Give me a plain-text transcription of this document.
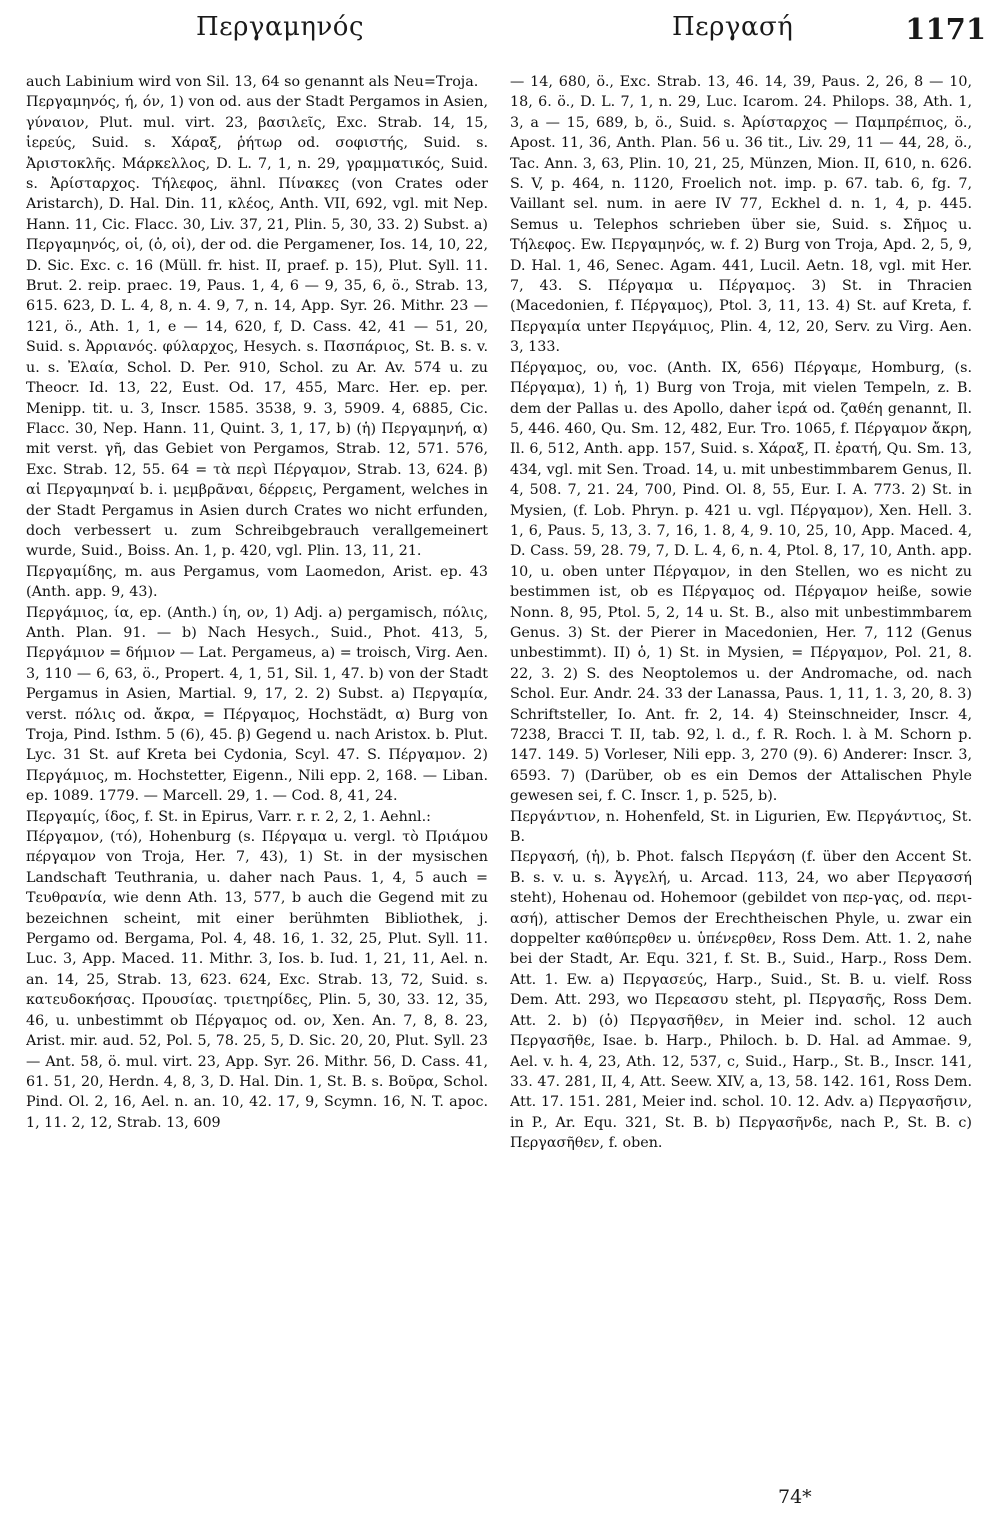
Περγαμηνός	Περγασή	1171

auch Labinium wird von Sil. 13, 64 so genannt als Neu=Troja.

Περγαμηνός, ή, όν, 1) von od. aus der Stadt Pergamos in Asien, γύναιον, Plut. mul. virt. 23, βασιλεῖς, Exc. Strab. 14, 15, ἱερεύς, Suid. s. Χάραξ, ῥήτωρ od. σοφιστής, Suid. s. Ἀριστοκλῆς. Μάρκελλος, D. L. 7, 1, n. 29, γραμματικός, Suid. s. Ἀρίσταρχος. Τήλεφος, ähnl. Πίνακες (von Crates oder Aristarch), D. Hal. Din. 11, κλέος, Anth. VII, 692, vgl. mit Nep. Hann. 11, Cic. Flacc. 30, Liv. 37, 21, Plin. 5, 30, 33. 2) Subst. a) Περγαμηνός, οἱ, (ὁ, οἱ), der od. die Pergamener, Ios. 14, 10, 22, D. Sic. Exc. c. 16 (Müll. fr. hist. II, praef. p. 15), Plut. Syll. 11. Brut. 2. reip. praec. 19, Paus. 1, 4, 6 — 9, 35, 6, ö., Strab. 13, 615. 623, D. L. 4, 8, n. 4. 9, 7, n. 14, App. Syr. 26. Mithr. 23 — 121, ö., Ath. 1, 1, e — 14, 620, f, D. Cass. 42, 41 — 51, 20, Suid. s. Ἀρριανός. φύλαρχος, Hesych. s. Πασπάριος, St. B. s. v. u. s. Ἐλαία, Schol. D. Per. 910, Schol. zu Ar. Av. 574 u. zu Theocr. Id. 13, 22, Eust. Od. 17, 455, Marc. Her. ep. per. Menipp. tit. u. 3, Inscr. 1585. 3538, 9. 3, 5909. 4, 6885, Cic. Flacc. 30, Nep. Hann. 11, Quint. 3, 1, 17, b) (ἡ) Περγαμηνή, α) mit verst. γῆ, das Gebiet von Pergamos, Strab. 12, 571. 576, Exc. Strab. 12, 55. 64 = τὰ περὶ Πέργαμον, Strab. 13, 624. β) αἱ Περγαμηναί b. i. μεμβρᾶναι, δέρρεις, Pergament, welches in der Stadt Pergamus in Asien durch Crates wo nicht erfunden, doch verbessert u. zum Schreibgebrauch verallgemeinert wurde, Suid., Boiss. An. 1, p. 420, vgl. Plin. 13, 11, 21.

Περγαμίδης, m. aus Pergamus, vom Laomedon, Arist. ep. 43 (Anth. app. 9, 43).

Περγάμιος, ία, ep. (Anth.) ίη, ον, 1) Adj. a) pergamisch, πόλις, Anth. Plan. 91. — b) Nach Hesych., Suid., Phot. 413, 5, Περγάμιον = δήμιον — Lat. Pergameus, a) = troisch, Virg. Aen. 3, 110 — 6, 63, ö., Propert. 4, 1, 51, Sil. 1, 47. b) von der Stadt Pergamus in Asien, Martial. 9, 17, 2. 2) Subst. a) Περγαμία, verst. πόλις od. ἄκρα, = Πέργαμος, Hochstädt, α) Burg von Troja, Pind. Isthm. 5 (6), 45. β) Gegend u. nach Aristox. b. Plut. Lyc. 31 St. auf Kreta bei Cydonia, Scyl. 47. S. Πέργαμον. 2) Περγάμιος, m. Hochstetter, Eigenn., Nili epp. 2, 168. — Liban. ep. 1089. 1779. — Marcell. 29, 1. — Cod. 8, 41, 24.

Περγαμίς, ίδος, f. St. in Epirus, Varr. r. r. 2, 2, 1. Aehnl.:

Πέργαμον, (τό), Hohenburg (s. Πέργαμα u. vergl. τὸ Πριάμου πέργαμον von Troja, Her. 7, 43), 1) St. in der mysischen Landschaft Teuthrania, u. daher nach Paus. 1, 4, 5 auch = Τευθρανία, wie denn Ath. 13, 577, b auch die Gegend mit zu bezeichnen scheint, mit einer berühmten Bibliothek, j. Pergamo od. Bergama, Pol. 4, 48. 16, 1. 32, 25, Plut. Syll. 11. Luc. 3, App. Maced. 11. Mithr. 3, Ios. b. Iud. 1, 21, 11, Ael. n. an. 14, 25, Strab. 13, 623. 624, Exc. Strab. 13, 72, Suid. s. κατευδοκήσας. Προυσίας. τριετηρίδες, Plin. 5, 30, 33. 12, 35, 46, u. unbestimmt ob Πέργαμος od. ον, Xen. An. 7, 8, 8. 23, Arist. mir. aud. 52, Pol. 5, 78. 25, 5, D. Sic. 20, 20, Plut. Syll. 23 — Ant. 58, ö. mul. virt. 23, App. Syr. 26. Mithr. 56, D. Cass. 41, 61. 51, 20, Herdn. 4, 8, 3, D. Hal. Din. 1, St. B. s. Βοῦρα, Schol. Pind. Ol. 2, 16, Ael. n. an. 10, 42. 17, 9, Scymn. 16, N. T. apoc. 1, 11. 2, 12, Strab. 13, 609

— 14, 680, ö., Exc. Strab. 13, 46. 14, 39, Paus. 2, 26, 8 — 10, 18, 6. ö., D. L. 7, 1, n. 29, Luc. Icarom. 24. Philops. 38, Ath. 1, 3, a — 15, 689, b, ö., Suid. s. Ἀρίσταρχος — Παμπρέπιος, ö., Apost. 11, 36, Anth. Plan. 56 u. 36 tit., Liv. 29, 11 — 44, 28, ö., Tac. Ann. 3, 63, Plin. 10, 21, 25, Münzen, Mion. II, 610, n. 626. S. V, p. 464, n. 1120, Froelich not. imp. p. 67. tab. 6, fg. 7, Vaillant sel. num. in aere IV 77, Eckhel d. n. 1, 4, p. 445. Semus u. Telephos schrieben über sie, Suid. s. Σῆμος u. Τήλεφος. Ew. Περγαμηνός, w. f. 2) Burg von Troja, Apd. 2, 5, 9, D. Hal. 1, 46, Senec. Agam. 441, Lucil. Aetn. 18, vgl. mit Her. 7, 43. S. Πέργαμα u. Πέργαμος. 3) St. in Thracien (Macedonien, f. Πέργαμος), Ptol. 3, 11, 13. 4) St. auf Kreta, f. Περγαμία unter Περγάμιος, Plin. 4, 12, 20, Serv. zu Virg. Aen. 3, 133.

Πέργαμος, ου, voc. (Anth. IX, 656) Πέργαμε, Homburg, (s. Πέργαμα), 1) ἡ, 1) Burg von Troja, mit vielen Tempeln, z. B. dem der Pallas u. des Apollo, daher ἱερά od. ζαθέη genannt, Il. 5, 446. 460, Qu. Sm. 12, 482, Eur. Tro. 1065, f. Πέργαμον ἄκρη, Il. 6, 512, Anth. app. 157, Suid. s. Χάραξ, Π. ἐρατή, Qu. Sm. 13, 434, vgl. mit Sen. Troad. 14, u. mit unbestimmbarem Genus, Il. 4, 508. 7, 21. 24, 700, Pind. Ol. 8, 55, Eur. I. A. 773. 2) St. in Mysien, (f. Lob. Phryn. p. 421 u. vgl. Πέργαμον), Xen. Hell. 3. 1, 6, Paus. 5, 13, 3. 7, 16, 1. 8, 4, 9. 10, 25, 10, App. Maced. 4, D. Cass. 59, 28. 79, 7, D. L. 4, 6, n. 4, Ptol. 8, 17, 10, Anth. app. 10, u. oben unter Πέργαμον, in den Stellen, wo es nicht zu bestimmen ist, ob es Πέργαμος od. Πέργαμον heiße, sowie Nonn. 8, 95, Ptol. 5, 2, 14 u. St. B., also mit unbestimmbarem Genus. 3) St. der Pierer in Macedonien, Her. 7, 112 (Genus unbestimmt). II) ὁ, 1) St. in Mysien, = Πέργαμον, Pol. 21, 8. 22, 3. 2) S. des Neoptolemos u. der Andromache, od. nach Schol. Eur. Andr. 24. 33 der Lanassa, Paus. 1, 11, 1. 3, 20, 8. 3) Schriftsteller, Io. Ant. fr. 2, 14. 4) Steinschneider, Inscr. 4, 7238, Bracci T. II, tab. 92, l. d., f. R. Roch. l. à M. Schorn p. 147. 149. 5) Vorleser, Nili epp. 3, 270 (9). 6) Anderer: Inscr. 3, 6593. 7) (Darüber, ob es ein Demos der Attalischen Phyle gewesen sei, f. C. Inscr. 1, p. 525, b).

Περγάντιον, n. Hohenfeld, St. in Ligurien, Ew. Περγάντιος, St. B.

Περγασή, (ἡ), b. Phot. falsch Περγάση (f. über den Accent St. B. s. v. u. s. Ἀγγελή, u. Arcad. 113, 24, wo aber Περγασσή steht), Hohenau od. Hohemoor (gebildet von περ-γας, od. περι-ασή), attischer Demos der Erechtheischen Phyle, u. zwar ein doppelter καθύπερθεν u. ὑπένερθεν, Ross Dem. Att. 1. 2, nahe bei der Stadt, Ar. Equ. 321, f. St. B., Suid., Harp., Ross Dem. Att. 1. Ew. a) Περγασεύς, Harp., Suid., St. B. u. vielf. Ross Dem. Att. 293, wo Περεασσυ steht, pl. Περγασῆς, Ross Dem. Att. 2. b) (ὁ) Περγασῆθεν, in Meier ind. schol. 12 auch Περγασῆθε, Isae. b. Harp., Philoch. b. D. Hal. ad Ammae. 9, Ael. v. h. 4, 23, Ath. 12, 537, c, Suid., Harp., St. B., Inscr. 141, 33. 47. 281, II, 4, Att. Seew. XIV, a, 13, 58. 142. 161, Ross Dem. Att. 17. 151. 281, Meier ind. schol. 10. 12. Adv. a) Περγασῆσιν, in P., Ar. Equ. 321, St. B. b) Περγασῆνδε, nach P., St. B. c) Περγασῆθεν, f. oben.

74*
